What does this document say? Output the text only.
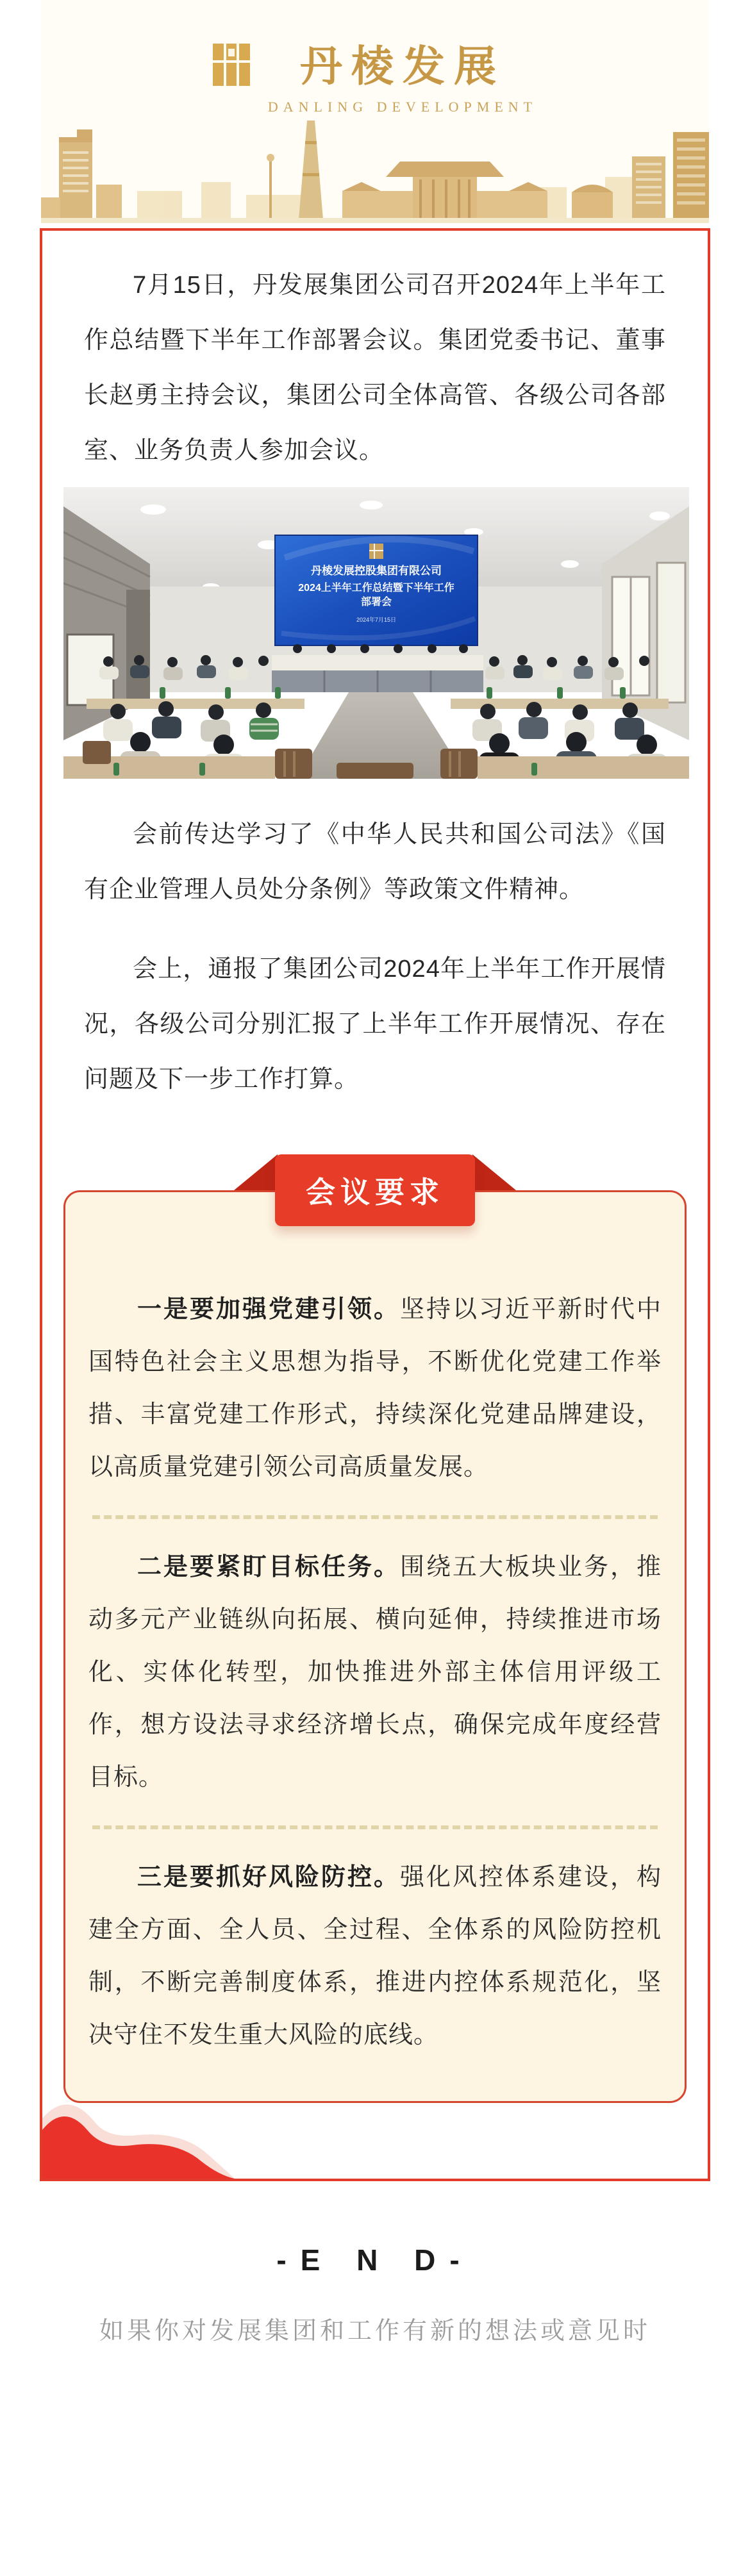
丹棱发展
DANLING DEVELOPMENT

7月15日，丹发展集团公司召开2024年上半年工作总结暨下半年工作部署会议。集团党委书记、董事长赵勇主持会议，集团公司全体高管、各级公司各部室、业务负责人参加会议。

丹棱发展控股集团有限公司
2024上半年工作总结暨下半年工作
部署会
2024年7月15日

会前传达学习了《中华人民共和国公司法》《国有企业管理人员处分条例》等政策文件精神。

会上，通报了集团公司2024年上半年工作开展情况，各级公司分别汇报了上半年工作开展情况、存在问题及下一步工作打算。

会议要求

一是要加强党建引领。坚持以习近平新时代中国特色社会主义思想为指导，不断优化党建工作举措、丰富党建工作形式，持续深化党建品牌建设，以高质量党建引领公司高质量发展。

二是要紧盯目标任务。围绕五大板块业务，推动多元产业链纵向拓展、横向延伸，持续推进市场化、实体化转型，加快推进外部主体信用评级工作，想方设法寻求经济增长点，确保完成年度经营目标。

三是要抓好风险防控。强化风控体系建设，构建全方面、全人员、全过程、全体系的风险防控机制，不断完善制度体系，推进内控体系规范化，坚决守住不发生重大风险的底线。

-E N D-
如果你对发展集团和工作有新的想法或意见时
